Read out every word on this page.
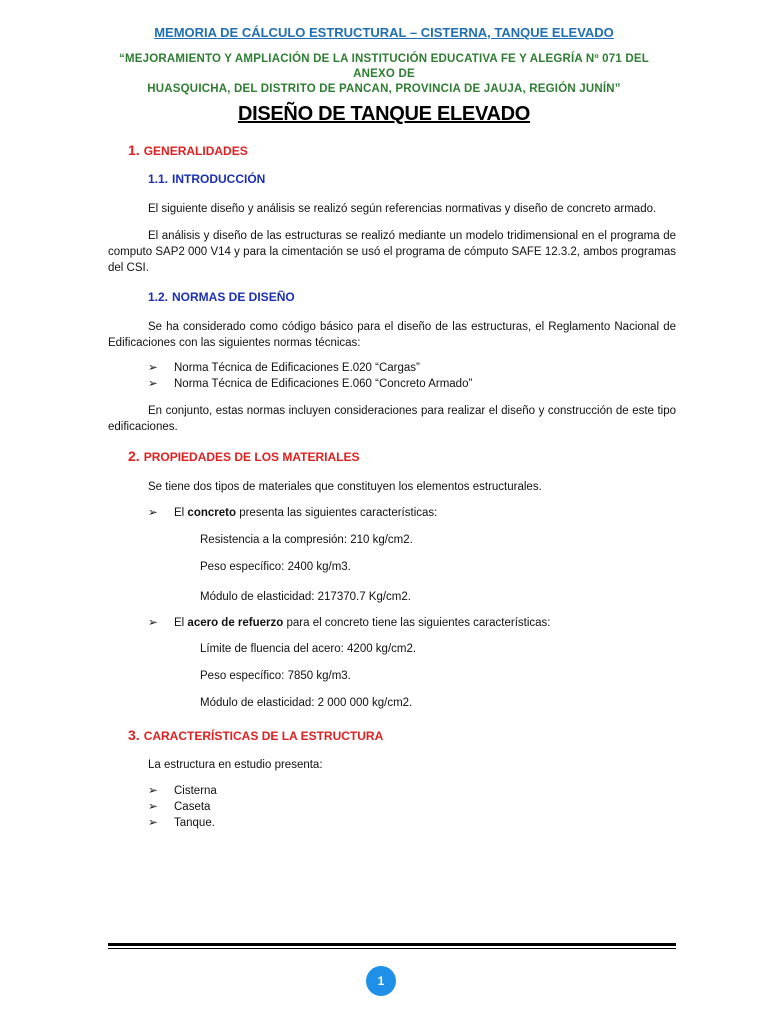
MEMORIA DE CÁLCULO ESTRUCTURAL – CISTERNA, TANQUE ELEVADO
“MEJORAMIENTO Y AMPLIACIÓN DE LA INSTITUCIÓN EDUCATIVA FE Y ALEGRÍA Nº 071 DEL ANEXO DE
HUASQUICHA, DEL DISTRITO DE PANCAN, PROVINCIA DE JAUJA, REGIÓN JUNÍN”
DISEÑO DE TANQUE ELEVADO
1. GENERALIDADES
1.1. INTRODUCCIÓN
El siguiente diseño y análisis se realizó según referencias normativas y diseño de concreto armado.
El análisis y diseño de las estructuras se realizó mediante un modelo tridimensional en el programa de computo SAP2 000 V14 y para la cimentación se usó el programa de cómputo SAFE 12.3.2, ambos programas del CSI.
1.2. NORMAS DE DISEÑO
Se ha considerado como código básico para el diseño de las estructuras, el Reglamento Nacional de Edificaciones con las siguientes normas técnicas:
➢ Norma Técnica de Edificaciones E.020 “Cargas”
➢ Norma Técnica de Edificaciones E.060 “Concreto Armado”
En conjunto, estas normas incluyen consideraciones para realizar el diseño y construcción de este tipo edificaciones.
2. PROPIEDADES DE LOS MATERIALES
Se tiene dos tipos de materiales que constituyen los elementos estructurales.
➢ El concreto presenta las siguientes características:
Resistencia a la compresión: 210 kg/cm2.
Peso específico: 2400 kg/m3.
Módulo de elasticidad: 217370.7 Kg/cm2.
➢ El acero de refuerzo para el concreto tiene las siguientes características:
Límite de fluencia del acero: 4200 kg/cm2.
Peso específico: 7850 kg/m3.
Módulo de elasticidad: 2 000 000 kg/cm2.
3. CARACTERÍSTICAS DE LA ESTRUCTURA
La estructura en estudio presenta:
➢ Cisterna
➢ Caseta
➢ Tanque.
1
